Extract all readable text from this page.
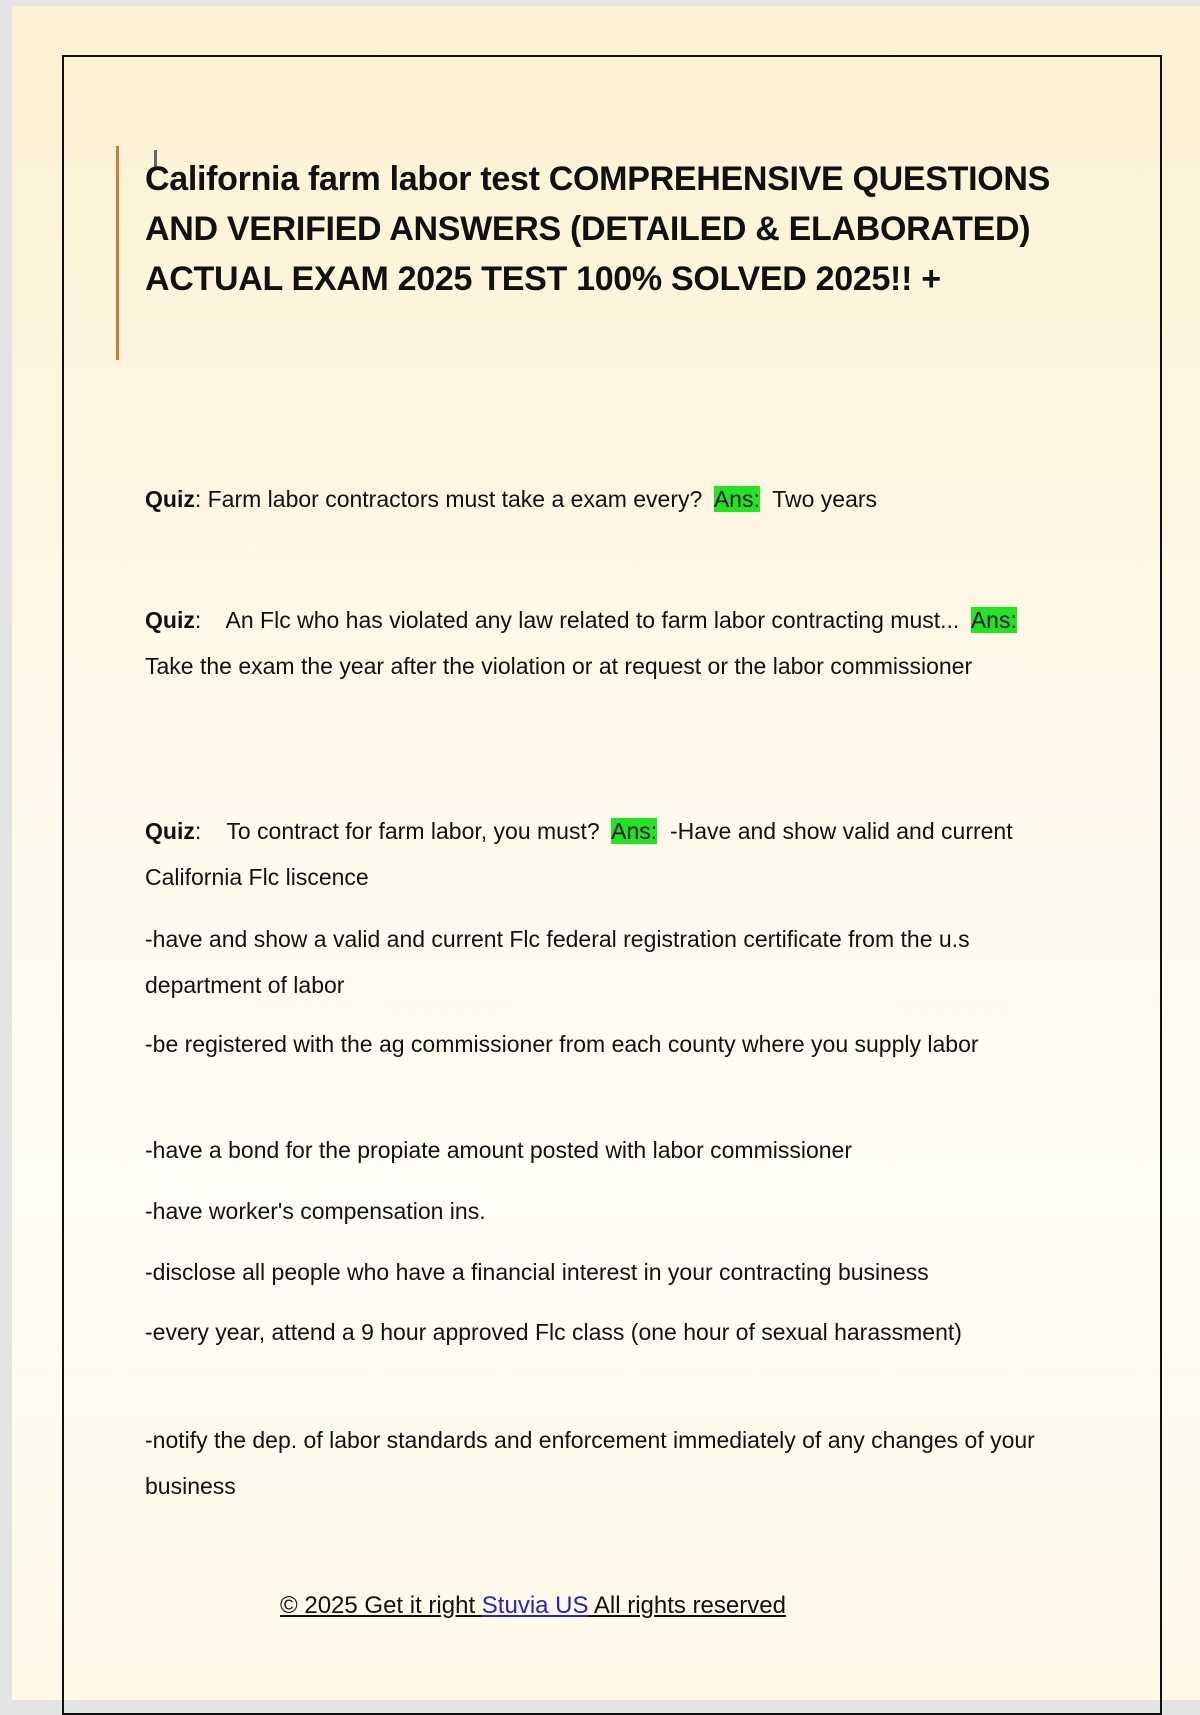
California farm labor test COMPREHENSIVE QUESTIONS AND VERIFIED ANSWERS (DETAILED & ELABORATED) ACTUAL EXAM 2025 TEST 100% SOLVED 2025!! +
Quiz: Farm labor contractors must take a exam every? Ans: Two years
Quiz:    An Flc who has violated any law related to farm labor contracting must... Ans:  Take the exam the year after the violation or at request or the labor commissioner
Quiz:    To contract for farm labor, you must? Ans: -Have and show valid and current California Flc liscence
-have and show a valid and current Flc federal registration certificate from the u.s department of labor
-be registered with the ag commissioner from each county where you supply labor
-have a bond for the propiate amount posted with labor commissioner
-have worker's compensation ins.
-disclose all people who have a financial interest in your contracting business
-every year, attend a 9 hour approved Flc class (one hour of sexual harassment)
-notify the dep. of labor standards and enforcement immediately of any changes of your business
© 2025 Get it right Stuvia US All rights reserved
